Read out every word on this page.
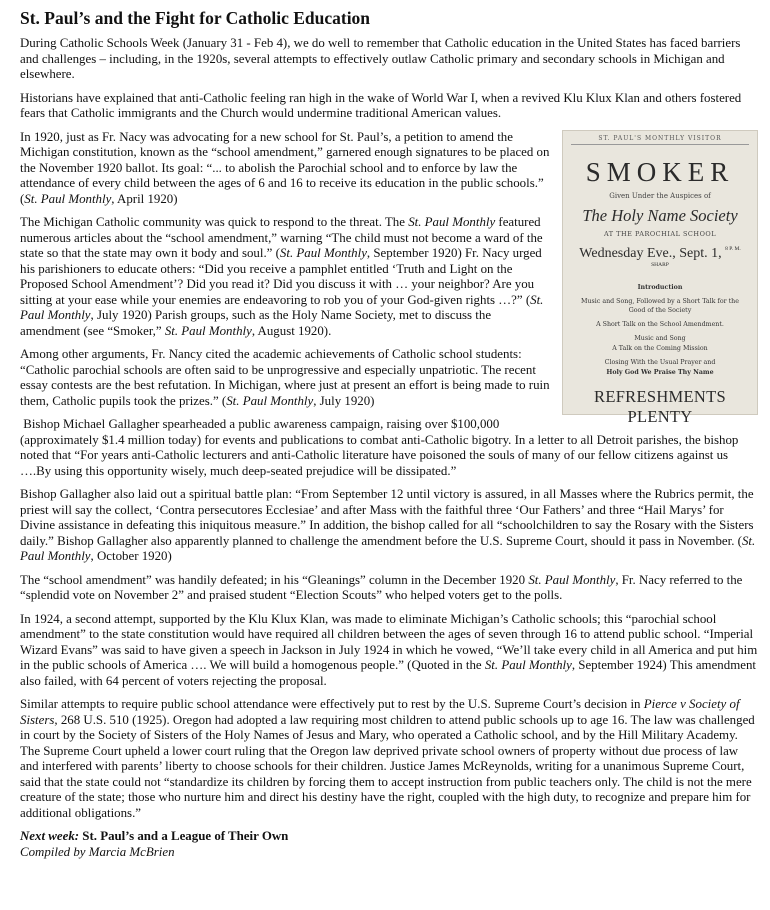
St. Paul’s and the Fight for Catholic Education

During Catholic Schools Week (January 31 - Feb 4), we do well to remember that Catholic education in the United States has faced barriers and challenges – including, in the 1920s, several attempts to effectively outlaw Catholic primary and secondary schools in Michigan and elsewhere.

Historians have explained that anti-Catholic feeling ran high in the wake of World War I, when a revived Klu Klux Klan and others fostered fears that Catholic immigrants and the Church would undermine traditional American values.

ST. PAUL'S MONTHLY VISITOR
SMOKER
Given Under the Auspices of
The Holy Name Society
AT THE PAROCHIAL SCHOOL
Wednesday Eve., Sept. 1, $^{8 P. M. SHARP}$
Introduction
Music and Song, Followed by a Short Talk for the Good of the Society
A Short Talk on the School Amendment.
Music and Song
A Talk on the Coming Mission
Closing With the Usual Prayer and
Holy God We Praise Thy Name
REFRESHMENTS PLENTY

In 1920, just as Fr. Nacy was advocating for a new school for St. Paul’s, a petition to amend the Michigan constitution, known as the “school amendment,” garnered enough signatures to be placed on the November 1920 ballot. Its goal: “... to abolish the Parochial school and to enforce by law the attendance of every child between the ages of 6 and 16 to receive its education in the public schools.” (St. Paul Monthly, April 1920)

The Michigan Catholic community was quick to respond to the threat. The St. Paul Monthly featured numerous articles about the “school amendment,” warning “The child must not become a ward of the state so that the state may own it body and soul.” (St. Paul Monthly, September 1920) Fr. Nacy urged his parishioners to educate others: “Did you receive a pamphlet entitled ‘Truth and Light on the Proposed School Amendment’? Did you read it? Did you discuss it with … your neighbor? Are you sitting at your ease while your enemies are endeavoring to rob you of your God-given rights …?” (St. Paul Monthly, July 1920) Parish groups, such as the Holy Name Society, met to discuss the amendment (see “Smoker,” St. Paul Monthly, August 1920).

Among other arguments, Fr. Nancy cited the academic achievements of Catholic school students: “Catholic parochial schools are often said to be unprogressive and especially unpatriotic. The recent essay contests are the best refutation. In Michigan, where just at present an effort is being made to ruin them, Catholic pupils took the prizes.” (St. Paul Monthly, July 1920)

Bishop Michael Gallagher spearheaded a public awareness campaign, raising over $100,000 (approximately $1.4 million today) for events and publications to combat anti-Catholic bigotry. In a letter to all Detroit parishes, the bishop noted that “For years anti-Catholic lecturers and anti-Catholic literature have poisoned the souls of many of our fellow citizens against us ….By using this opportunity wisely, much deep-seated prejudice will be dissipated.”

Bishop Gallagher also laid out a spiritual battle plan: “From September 12 until victory is assured, in all Masses where the Rubrics permit, the priest will say the collect, ‘Contra persecutores Ecclesiae’ and after Mass with the faithful three ‘Our Fathers’ and three “Hail Marys’ for Divine assistance in defeating this iniquitous measure.” In addition, the bishop called for all “schoolchildren to say the Rosary with the Sisters daily.” Bishop Gallagher also apparently planned to challenge the amendment before the U.S. Supreme Court, should it pass in November. (St. Paul Monthly, October 1920)

The “school amendment” was handily defeated; in his “Gleanings” column in the December 1920 St. Paul Monthly, Fr. Nacy referred to the “splendid vote on November 2” and praised student “Election Scouts” who helped voters get to the polls.

In 1924, a second attempt, supported by the Klu Klux Klan, was made to eliminate Michigan’s Catholic schools; this “parochial school amendment” to the state constitution would have required all children between the ages of seven through 16 to attend public school. “Imperial Wizard Evans” was said to have given a speech in Jackson in July 1924 in which he vowed, “We’ll take every child in all America and put him in the public schools of America …. We will build a homogenous people.” (Quoted in the St. Paul Monthly, September 1924) This amendment also failed, with 64 percent of voters rejecting the proposal.

Similar attempts to require public school attendance were effectively put to rest by the U.S. Supreme Court’s decision in Pierce v Society of Sisters, 268 U.S. 510 (1925). Oregon had adopted a law requiring most children to attend public schools up to age 16. The law was challenged in court by the Society of Sisters of the Holy Names of Jesus and Mary, who operated a Catholic school, and by the Hill Military Academy. The Supreme Court upheld a lower court ruling that the Oregon law deprived private school owners of property without due process of law and interfered with parents’ liberty to choose schools for their children. Justice James McReynolds, writing for a unanimous Supreme Court, said that the state could not “standardize its children by forcing them to accept instruction from public teachers only. The child is not the mere creature of the state; those who nurture him and direct his destiny have the right, coupled with the high duty, to recognize and prepare him for additional obligations.”

Next week: St. Paul’s and a League of Their Own
Compiled by Marcia McBrien
